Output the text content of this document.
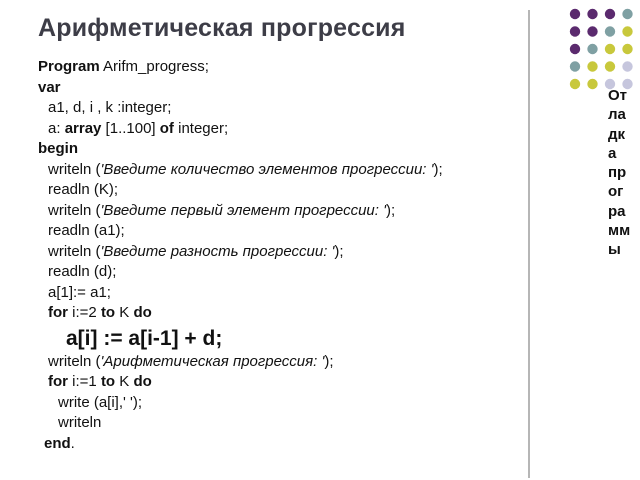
Арифметическая прогрессия
Program Arifm_progress;
var
a1, d, i , k :integer;
a: array [1..100] of integer;
begin
writeln ('Введите количество элементов прогрессии: ');
readln (K);
writeln ('Введите первый элемент прогрессии: ');
readln (a1);
writeln ('Введите разность прогрессии: ');
readln (d);
a[1]:= a1;
for i:=2 to K do
a[i] := a[i-1] + d;
writeln ('Арифметическая прогрессия: ');
for i:=1 to K do
write (a[i],' ');
writeln
end.
От
ла
дк
а
пр
ог
ра
мм
ы
